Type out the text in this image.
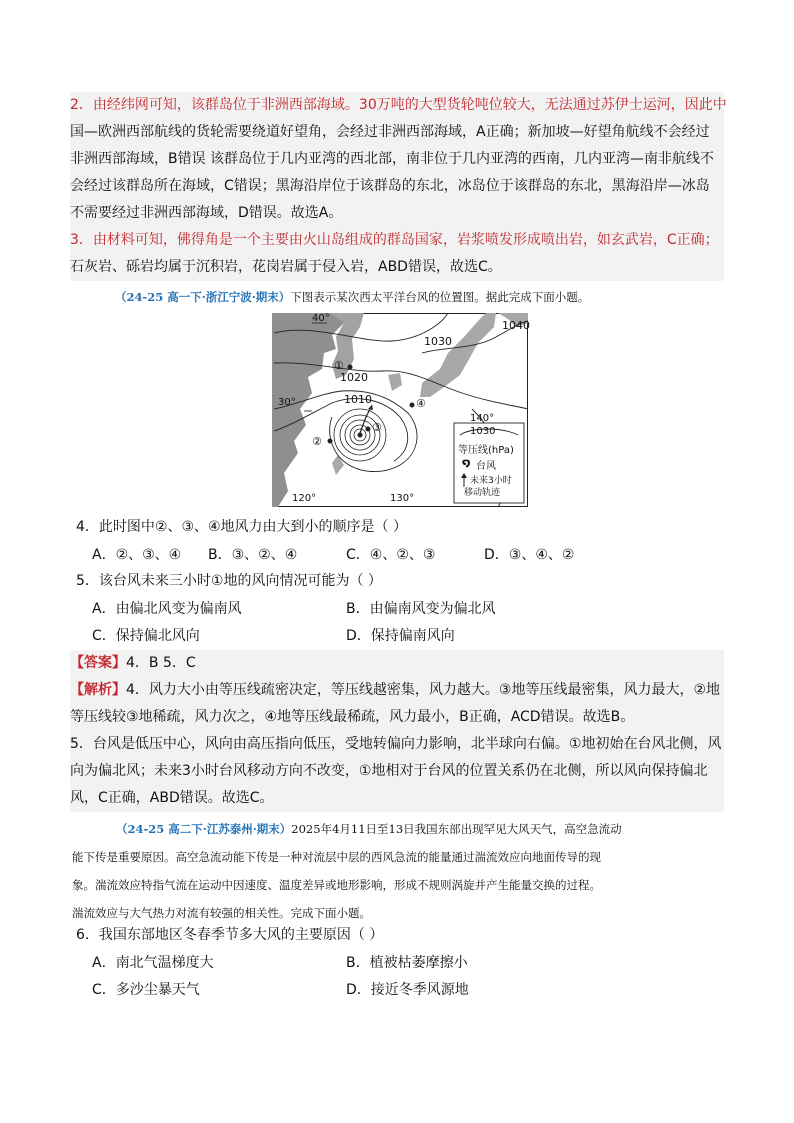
2．由经纬网可知，该群岛位于非洲西部海域。30万吨的大型货轮吨位较大，无法通过苏伊士运河，因此中
国—欧洲西部航线的货轮需要绕道好望角，会经过非洲西部海域，A正确；新加坡—好望角航线不会经过
非洲西部海域，B错误 该群岛位于几内亚湾的西北部，南非位于几内亚湾的西南，几内亚湾—南非航线不
会经过该群岛所在海域，C错误；黑海沿岸位于该群岛的东北，冰岛位于该群岛的东北，黑海沿岸—冰岛
不需要经过非洲西部海域，D错误。故选A。
3．由材料可知，佛得角是一个主要由火山岛组成的群岛国家，岩浆喷发形成喷出岩，如玄武岩，C正确；
石灰岩、砾岩均属于沉积岩，花岗岩属于侵入岩，ABD错误，故选C。
（24-25 高一下·浙江宁波·期末）下图表示某次西太平洋台风的位置图。据此完成下面小题。
1040
1030
1020
1010
40°
30°
120°	130°
140°
①
②
③
④
1030
等压线(hPa)
໑ 台风
未来3小时
移动轨迹
4．此时图中②、③、④地风力由大到小的顺序是（ ）
A．②、③、④ B．③、②、④	C．④、②、③	D．③、④、②
5．该台风未来三小时①地的风向情况可能为（ ）
A．由偏北风变为偏南风	B．由偏南风变为偏北风
C．保持偏北风向	D．保持偏南风向
【答案】4．B 5．C
【解析】4．风力大小由等压线疏密决定，等压线越密集，风力越大。③地等压线最密集，风力最大，②地
等压线较③地稀疏，风力次之，④地等压线最稀疏，风力最小，B正确，ACD错误。故选B。
5．台风是低压中心，风向由高压指向低压，受地转偏向力影响，北半球向右偏。①地初始在台风北侧，风
向为偏北风；未来3小时台风移动方向不改变，①地相对于台风的位置关系仍在北侧，所以风向保持偏北
风，C正确，ABD错误。故选C。
（24-25 高二下·江苏泰州·期末）2025年4月11日至13日我国东部出现罕见大风天气，高空急流动
能下传是重要原因。高空急流动能下传是一种对流层中层的西风急流的能量通过湍流效应向地面传导的现
象。湍流效应特指气流在运动中因速度、温度差异或地形影响，形成不规则涡旋并产生能量交换的过程。
湍流效应与大气热力对流有较强的相关性。完成下面小题。
6．我国东部地区冬春季节多大风的主要原因（ ）
A．南北气温梯度大	B．植被枯萎摩擦小
C．多沙尘暴天气	D．接近冬季风源地
